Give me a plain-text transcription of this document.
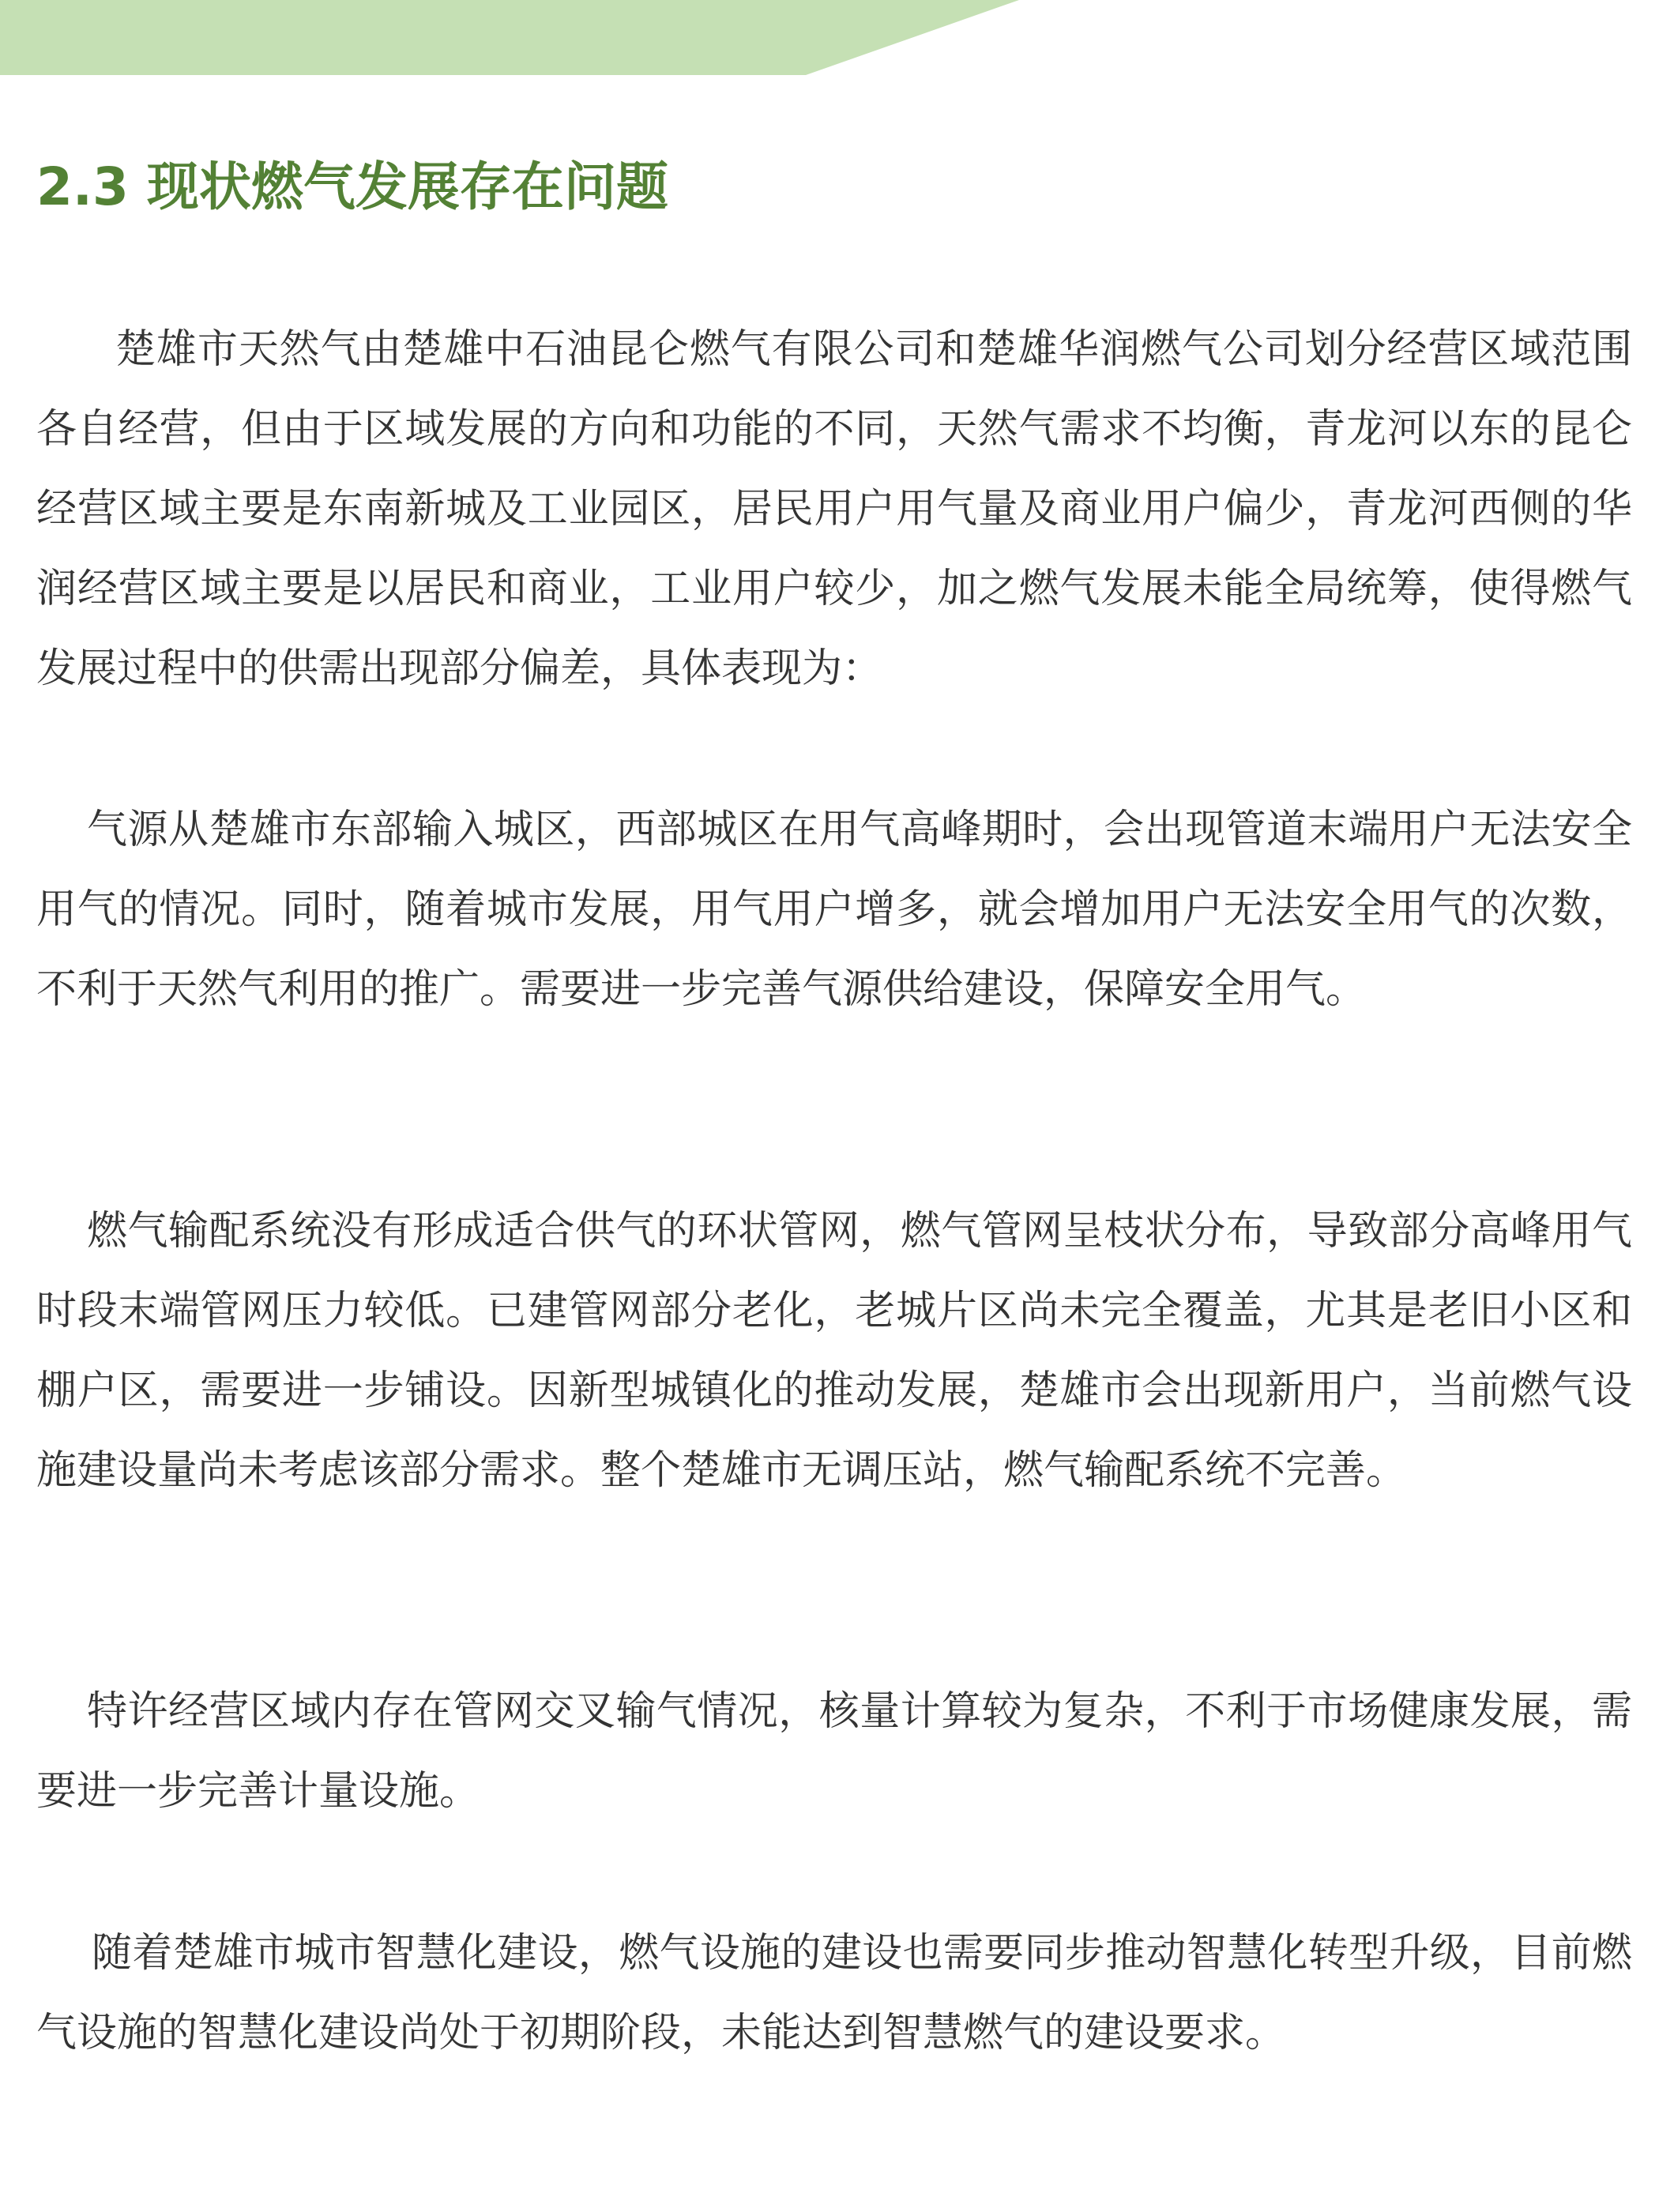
2.3 现状燃气发展存在问题

楚雄市天然气由楚雄中石油昆仑燃气有限公司和楚雄华润燃气公司划分经营区域范围各自经营，但由于区域发展的方向和功能的不同，天然气需求不均衡，青龙河以东的昆仑经营区域主要是东南新城及工业园区，居民用户用气量及商业用户偏少，青龙河西侧的华润经营区域主要是以居民和商业，工业用户较少，加之燃气发展未能全局统筹，使得燃气发展过程中的供需出现部分偏差，具体表现为：

气源从楚雄市东部输入城区，西部城区在用气高峰期时，会出现管道末端用户无法安全用气的情况。同时，随着城市发展，用气用户增多，就会增加用户无法安全用气的次数，不利于天然气利用的推广。需要进一步完善气源供给建设，保障安全用气。

燃气输配系统没有形成适合供气的环状管网，燃气管网呈枝状分布，导致部分高峰用气时段末端管网压力较低。已建管网部分老化，老城片区尚未完全覆盖，尤其是老旧小区和棚户区，需要进一步铺设。因新型城镇化的推动发展，楚雄市会出现新用户，当前燃气设施建设量尚未考虑该部分需求。整个楚雄市无调压站，燃气输配系统不完善。

特许经营区域内存在管网交叉输气情况，核量计算较为复杂，不利于市场健康发展，需要进一步完善计量设施。

随着楚雄市城市智慧化建设，燃气设施的建设也需要同步推动智慧化转型升级，目前燃气设施的智慧化建设尚处于初期阶段，未能达到智慧燃气的建设要求。
